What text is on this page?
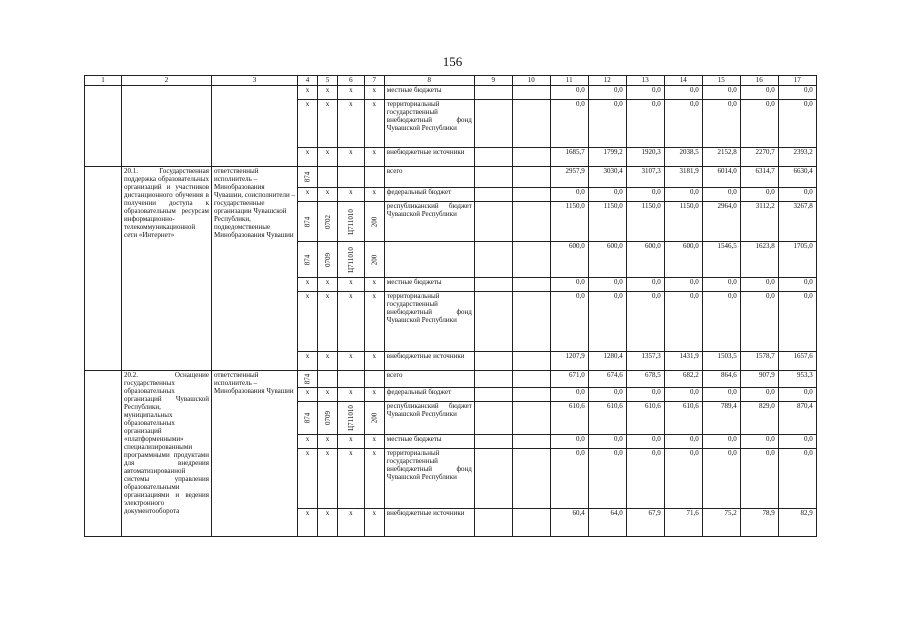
156
1	2	3	4	5	6	7	8	9	10	11	12	13	14	15	16	17
			x	x	x	x	местные бюджеты			0,0	0,0	0,0	0,0	0,0	0,0	0,0
			x	x	x	x	территориальный государственный внебюджетный фонд Чувашской Республики			0,0	0,0	0,0	0,0	0,0	0,0	0,0
			x	x	x	x	внебюджетные источники			1685,7	1799,2	1920,3	2038,5	2152,8	2270,7	2393,2
	20.1. Государственная поддержка образовательных организаций и участников дистанционного обучения в получении доступа к образовательным ресурсам информационно-телекоммуникационной сети «Интернет»	ответственный исполнитель – Минобразования Чувашии, соисполнители – государственные организации Чувашской Республики, подведомственные Минобразования Чувашии	874				всего			2957,9	3030,4	3107,3	3181,9	6014,0	6314,7	6630,4
			x	x	x	x	федеральный бюджет			0,0	0,0	0,0	0,0	0,0	0,0	0,0
			874	0702	Ц711010	200	республиканский бюджет Чувашской Республики			1150,0	1150,0	1150,0	1150,0	2964,0	3112,2	3267,8
			874	0709	Ц711010	200				600,0	600,0	600,0	600,0	1546,5	1623,8	1705,0
			x	x	x	x	местные бюджеты			0,0	0,0	0,0	0,0	0,0	0,0	0,0
			x	x	x	x	территориальный государственный внебюджетный фонд Чувашской Республики			0,0	0,0	0,0	0,0	0,0	0,0	0,0
			x	x	x	x	внебюджетные источники			1207,9	1280,4	1357,3	1431,9	1503,5	1578,7	1657,6
	20.2. Оснащение государственных образовательных организаций Чувашской Республики, муниципальных образовательных организаций «платформенными» специализированными программными продуктами для внедрения автоматизированной системы управления образовательными организациями и ведения электронного документооборота	ответственный исполнитель – Минобразования Чувашии	874				всего			671,0	674,6	678,5	682,2	864,6	907,9	953,3
			x	x	x	x	федеральный бюджет			0,0	0,0	0,0	0,0	0,0	0,0	0,0
			874	0709	Ц711010	200	республиканский бюджет Чувашской Республики			610,6	610,6	610,6	610,6	789,4	829,0	870,4
			x	x	x	x	местные бюджеты			0,0	0,0	0,0	0,0	0,0	0,0	0,0
			x	x	x	x	территориальный государственный внебюджетный фонд Чувашской Республики			0,0	0,0	0,0	0,0	0,0	0,0	0,0
			x	x	x	x	внебюджетные источники			60,4	64,0	67,9	71,6	75,2	78,9	82,9
